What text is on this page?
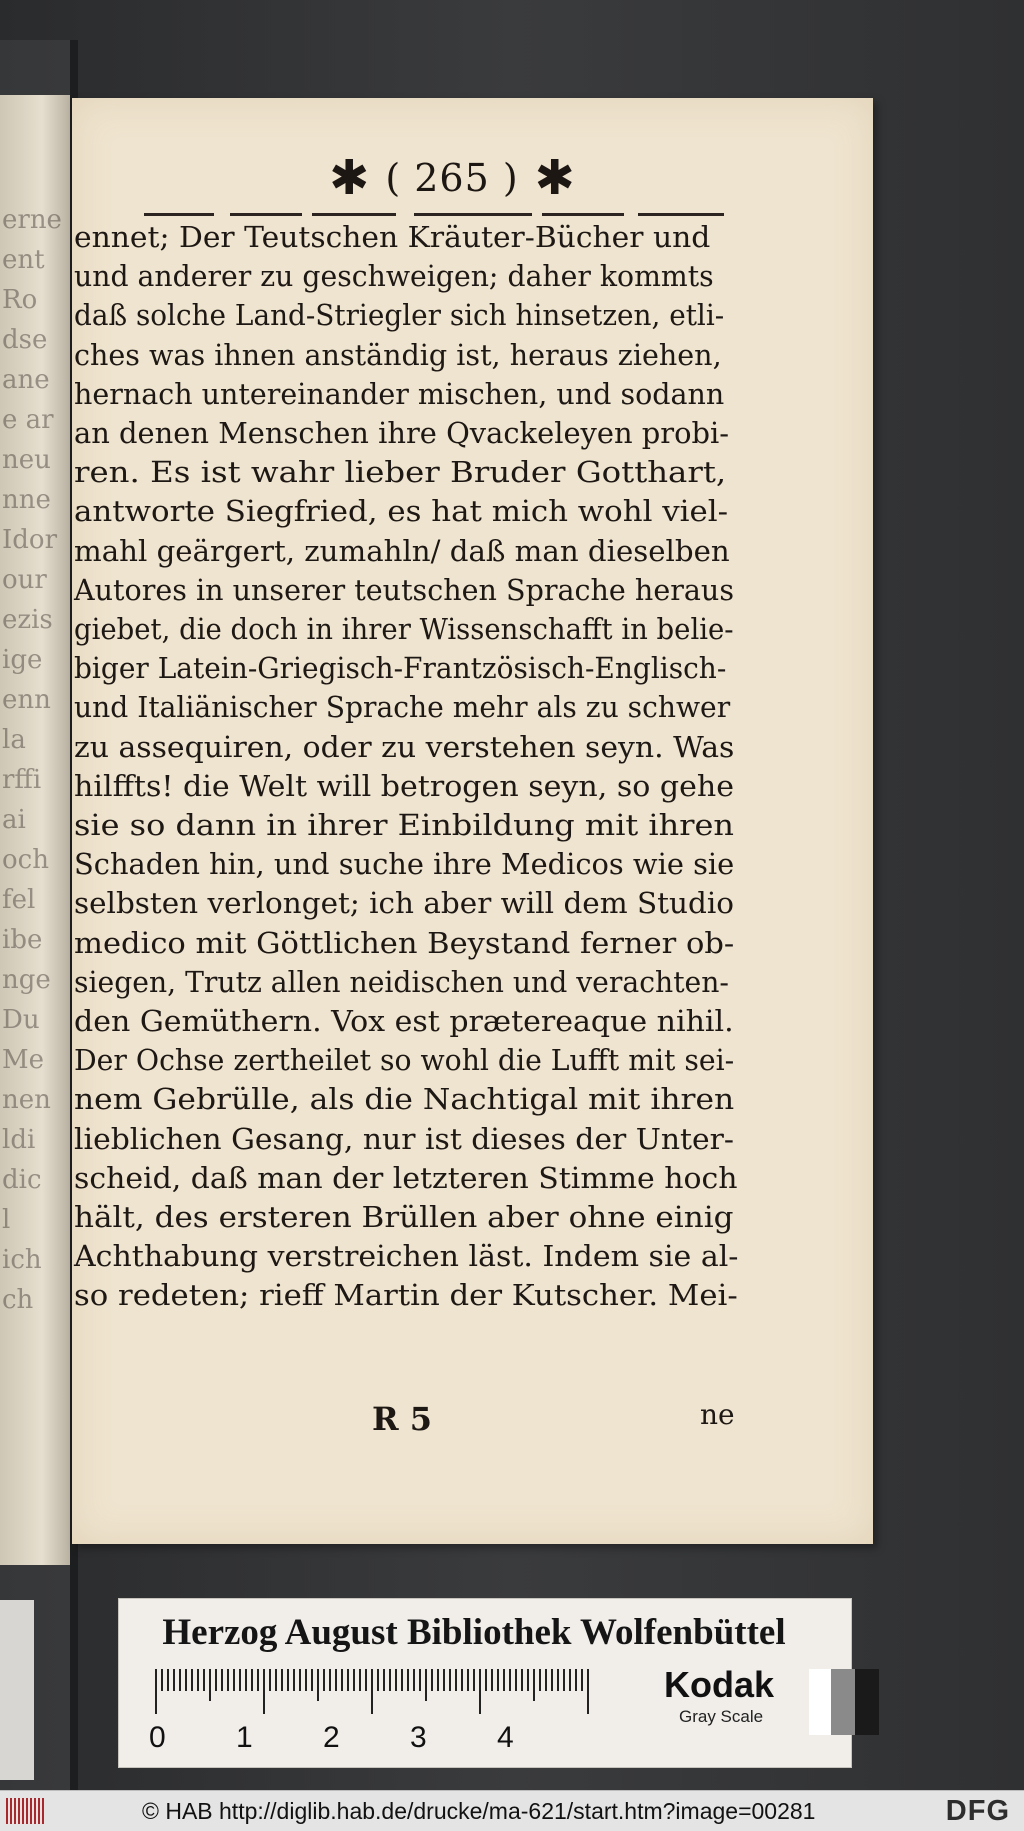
erne
ent
Ro
dse
ane
e ar
neu
nne
Idor
our
ezis
ige
enn
la
rffi
ai
och
fel
ibe
nge
Du
Me
nen
ldi
dic
l
ich
ch
✱ ( 265 ) ✱
ennet; Der Teutschen Kräuter-Bücher und
und anderer zu geschweigen; daher kommts
daß solche Land-Striegler sich hinsetzen, etli-
ches was ihnen anständig ist, heraus ziehen,
hernach untereinander mischen, und sodann
an denen Menschen ihre Qvackeleyen probi-
ren. Es ist wahr lieber Bruder Gotthart,
antworte Siegfried, es hat mich wohl viel-
mahl geärgert, zumahln/ daß man dieselben
Autores in unserer teutschen Sprache heraus
giebet, die doch in ihrer Wissenschafft in belie-
biger Latein-Griegisch-Frantzösisch-Englisch-
und Italiänischer Sprache mehr als zu schwer
zu assequiren, oder zu verstehen seyn. Was
hilffts! die Welt will betrogen seyn, so gehe
sie so dann in ihrer Einbildung mit ihren
Schaden hin, und suche ihre Medicos wie sie
selbsten verlonget; ich aber will dem Studio
medico mit Göttlichen Beystand ferner ob-
siegen, Trutz allen neidischen und verachten-
den Gemüthern. Vox est prætereaque nihil.
Der Ochse zertheilet so wohl die Lufft mit sei-
nem Gebrülle, als die Nachtigal mit ihren
lieblichen Gesang, nur ist dieses der Unter-
scheid, daß man der letzteren Stimme hoch
hält, des ersteren Brüllen aber ohne einig
Achthabung verstreichen läst. Indem sie al-
so redeten; rieff Martin der Kutscher. Mei-
R 5	ne
Herzog August Bibliothek Wolfenbüttel
0 1 2 3 4
Kodak
Gray Scale
© HAB http://diglib.hab.de/drucke/ma-621/start.htm?image=00281	DFG
